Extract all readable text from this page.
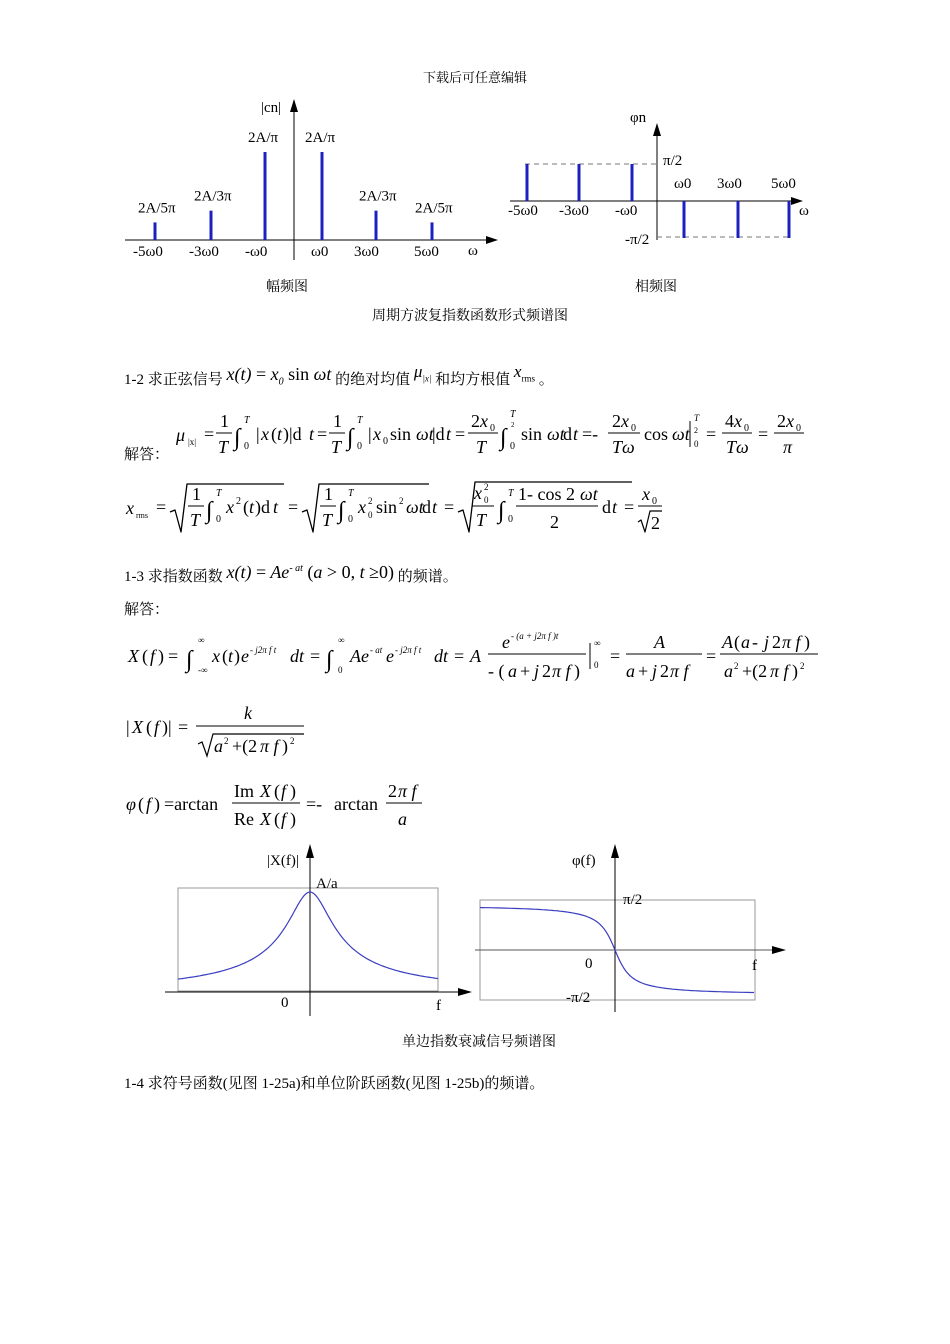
下载后可任意编辑
|cn|
ω
-5ω0 -3ω0 -ω0	ω0 3ω0 5ω0
2A/5π
2A/3π
2A/π 2A/π
2A/3π
2A/5π
幅频图
φn
ω
π/2
-π/2
-5ω0 -3ω0 -ω0
ω0 3ω0 5ω0
相频图
周期方波复指数函数形式频谱图
1-2 求正弦信号 $x(t) = x_0$ sin ωt 的绝对均值 $\mu_{|x|}$ 和均方根值 $x_{rms}$ 。
解答：
μ |x| =
1
T ∫
T
0
| x ( t )|d t =
1
T ∫
T
0
| x 0 sin ωt
|d t =
2 x 0
T ∫
T
2
0
sin ωt
d t =-
2 x 0
Tω
cos ωt
T
2
0 =
4 x 0
Tω
=
2 x 0
π
x rms =
1
T ∫
T
0
x 2 ( t )d t =
1
T ∫
T
0
x 2
0 sin 2 ωt
d t =
x 2
0
T ∫
T
0
1- cos 2 ωt
2
d t =
x 0
2
1-3 求指数函数 $x(t) = Ae^{- at}$ (a > 0, t ≥0) 的频谱。
解答：
X ( f ) = ∫
∞
-∞
x ( t ) e - j2π f t dt = ∫
∞
0
Ae - at e - j2π f t dt = A
e - (a + j2π f )t
- ( a + j 2 π f )
∞
0 =
A
a + j 2 π f
=
A ( a - j 2 π f )
a 2 +(2 π f ) 2
| X ( f )| =
k
a 2 +(2 π f ) 2
φ ( f ) =arctan
Im X ( f )
Re X ( f )
=- arctan
2 π f
a
|X(f)|
A/a
0	f
φ(f)
π/2
0
-π/2
f
单边指数衰减信号频谱图
1-4 求符号函数(见图 1-25a)和单位阶跃函数(见图 1-25b)的频谱。
